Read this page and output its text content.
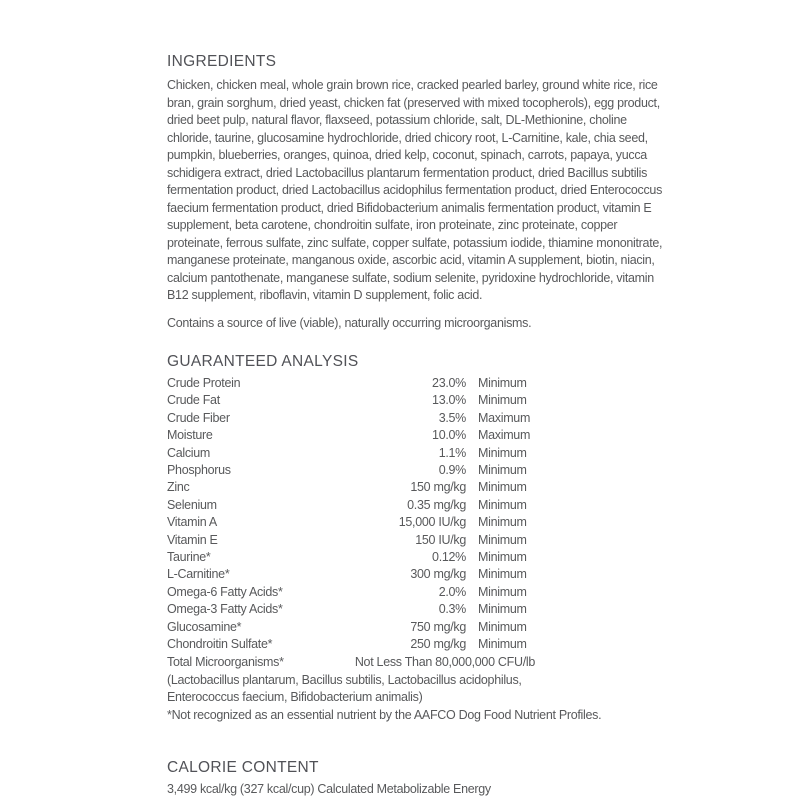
INGREDIENTS

Chicken, chicken meal, whole grain brown rice, cracked pearled barley, ground white rice, rice bran, grain sorghum, dried yeast, chicken fat (preserved with mixed tocopherols), egg product, dried beet pulp, natural flavor, flaxseed, potassium chloride, salt, DL-Methionine, choline chloride, taurine, glucosamine hydrochloride, dried chicory root, L-Carnitine, kale, chia seed, pumpkin, blueberries, oranges, quinoa, dried kelp, coconut, spinach, carrots, papaya, yucca schidigera extract, dried Lactobacillus plantarum fermentation product, dried Bacillus subtilis fermentation product, dried Lactobacillus acidophilus fermentation product, dried Enterococcus faecium fermentation product, dried Bifidobacterium animalis fermentation product, vitamin E supplement, beta carotene, chondroitin sulfate, iron proteinate, zinc proteinate, copper proteinate, ferrous sulfate, zinc sulfate, copper sulfate, potassium iodide, thiamine mononitrate, manganese proteinate, manganous oxide, ascorbic acid, vitamin A supplement, biotin, niacin, calcium pantothenate, manganese sulfate, sodium selenite, pyridoxine hydrochloride, vitamin B12 supplement, riboflavin, vitamin D supplement, folic acid.

Contains a source of live (viable), naturally occurring microorganisms.

GUARANTEED ANALYSIS
Crude Protein	23.0% Minimum
Crude Fat	13.0% Minimum
Crude Fiber	3.5% Maximum
Moisture	10.0% Maximum
Calcium	1.1% Minimum
Phosphorus	0.9% Minimum
Zinc	150 mg/kg Minimum
Selenium	0.35 mg/kg Minimum
Vitamin A	15,000 IU/kg Minimum
Vitamin E	150 IU/kg Minimum
Taurine*	0.12% Minimum
L-Carnitine*	300 mg/kg Minimum
Omega-6 Fatty Acids*	2.0% Minimum
Omega-3 Fatty Acids*	0.3% Minimum
Glucosamine*	750 mg/kg Minimum
Chondroitin Sulfate*	250 mg/kg Minimum
Total Microorganisms*	Not Less Than 80,000,000 CFU/lb
(Lactobacillus plantarum, Bacillus subtilis, Lactobacillus acidophilus,
Enterococcus faecium, Bifidobacterium animalis)
*Not recognized as an essential nutrient by the AAFCO Dog Food Nutrient Profiles.
CALORIE CONTENT

3,499 kcal/kg (327 kcal/cup) Calculated Metabolizable Energy
